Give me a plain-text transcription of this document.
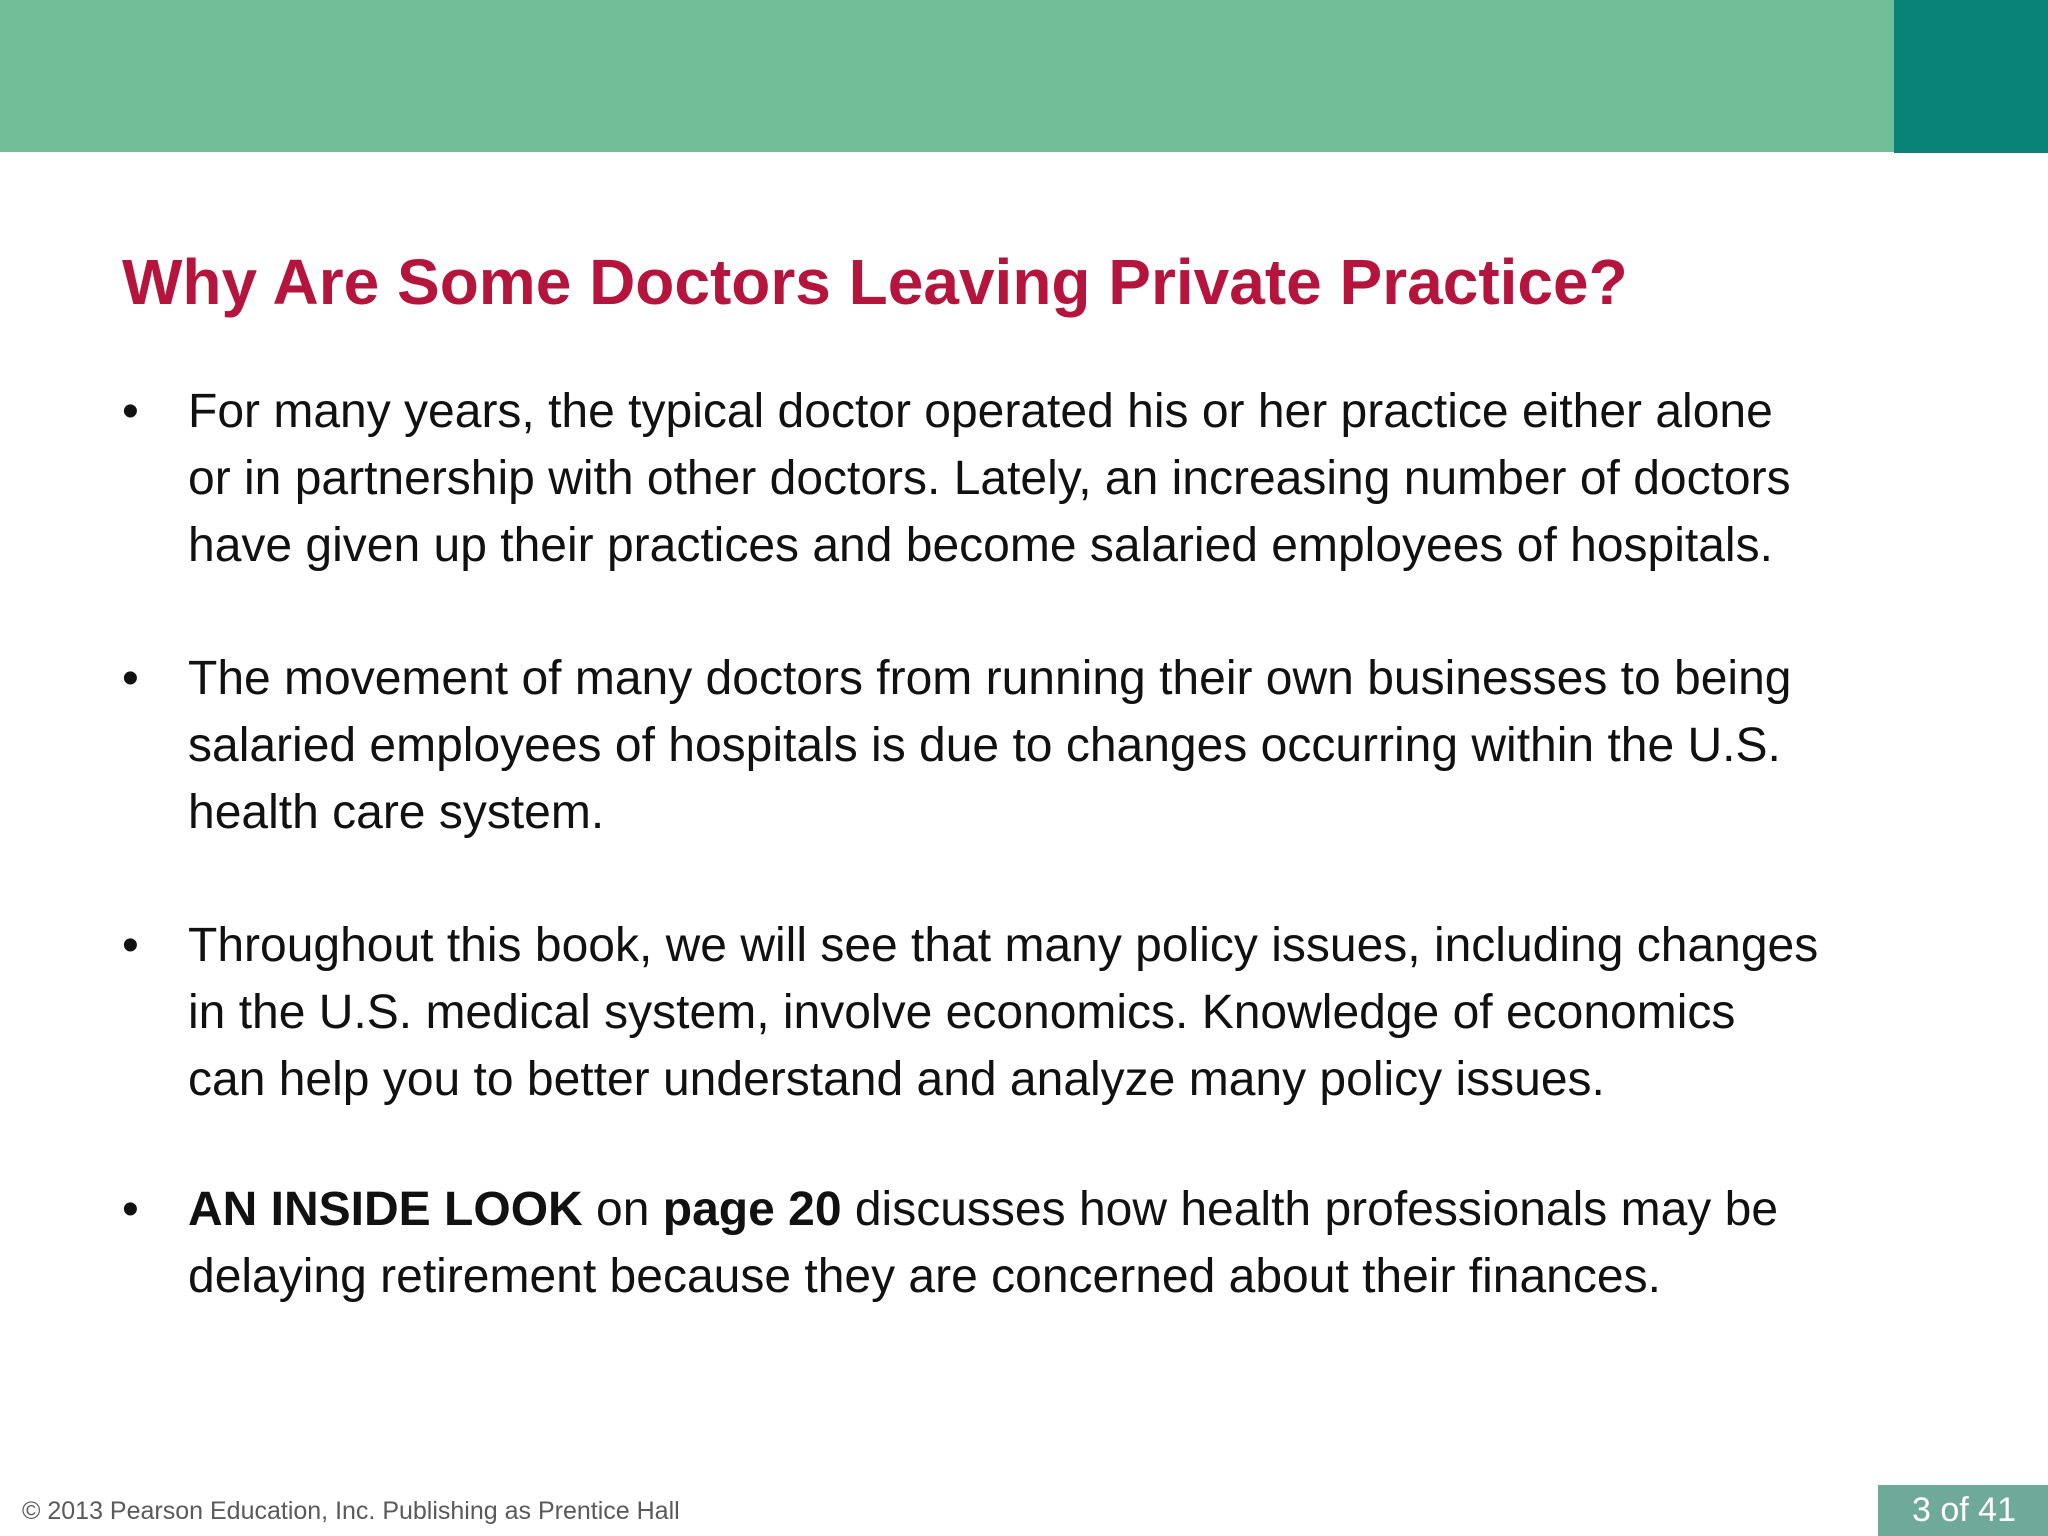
Why Are Some Doctors Leaving Private Practice?
•	For many years, the typical doctor operated his or her practice either alone
or in partnership with other doctors. Lately, an increasing number of doctors
have given up their practices and become salaried employees of hospitals.
•	The movement of many doctors from running their own businesses to being
salaried employees of hospitals is due to changes occurring within the U.S.
health care system.
•	Throughout this book, we will see that many policy issues, including changes
in the U.S. medical system, involve economics. Knowledge of economics
can help you to better understand and analyze many policy issues.
•	AN INSIDE LOOK on page 20 discusses how health professionals may be
delaying retirement because they are concerned about their finances.
© 2013 Pearson Education, Inc. Publishing as Prentice Hall	3 of 41
